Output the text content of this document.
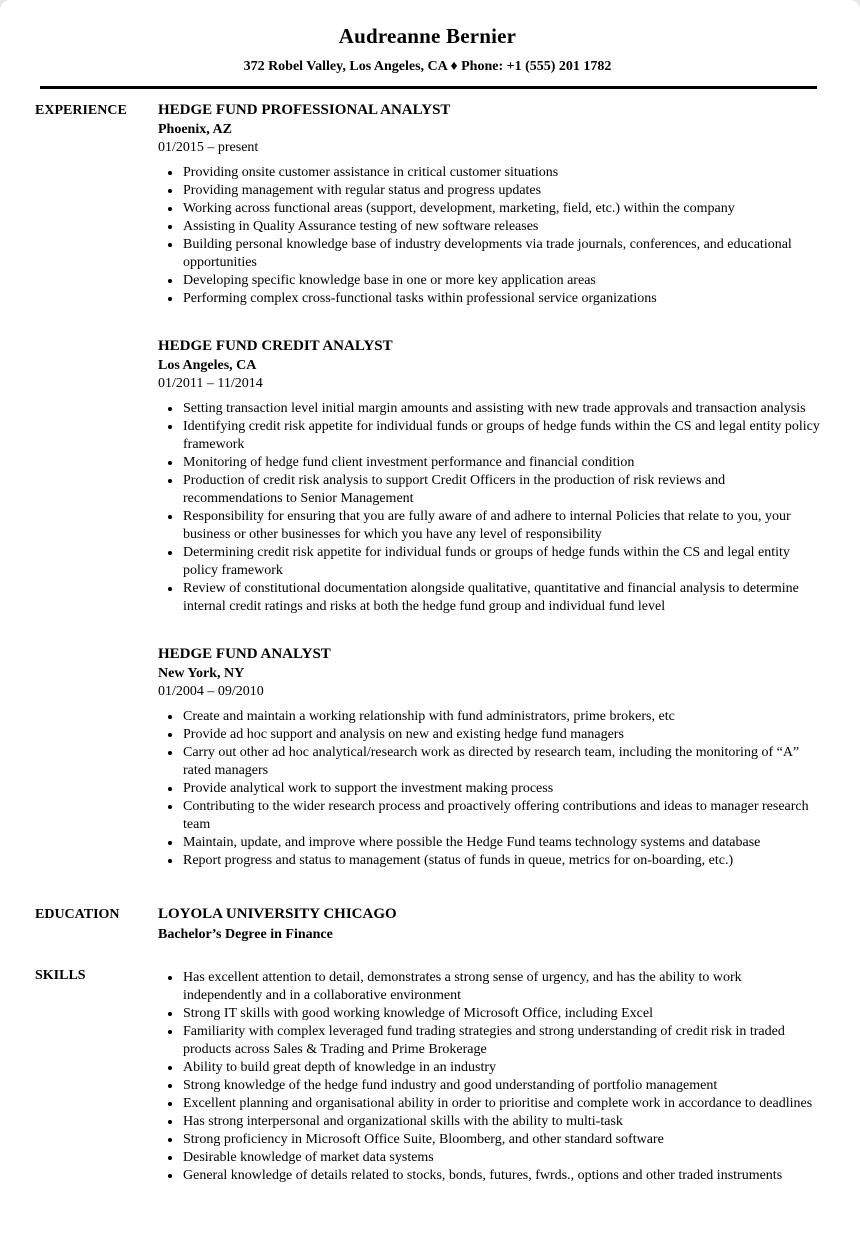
Audreanne Bernier
372 Robel Valley, Los Angeles, CA ♦ Phone: +1 (555) 201 1782
EXPERIENCE	HEDGE FUND PROFESSIONAL ANALYST
Phoenix, AZ
01/2015 – present
• Providing onsite customer assistance in critical customer situations
• Providing management with regular status and progress updates
• Working across functional areas (support, development, marketing, field, etc.) within the company
• Assisting in Quality Assurance testing of new software releases
• Building personal knowledge base of industry developments via trade journals, conferences, and educational opportunities
• Developing specific knowledge base in one or more key application areas
• Performing complex cross-functional tasks within professional service organizations
HEDGE FUND CREDIT ANALYST
Los Angeles, CA
01/2011 – 11/2014
• Setting transaction level initial margin amounts and assisting with new trade approvals and transaction analysis
• Identifying credit risk appetite for individual funds or groups of hedge funds within the CS and legal entity policy framework
• Monitoring of hedge fund client investment performance and financial condition
• Production of credit risk analysis to support Credit Officers in the production of risk reviews and recommendations to Senior Management
• Responsibility for ensuring that you are fully aware of and adhere to internal Policies that relate to you, your business or other businesses for which you have any level of responsibility
• Determining credit risk appetite for individual funds or groups of hedge funds within the CS and legal entity policy framework
• Review of constitutional documentation alongside qualitative, quantitative and financial analysis to determine internal credit ratings and risks at both the hedge fund group and individual fund level
HEDGE FUND ANALYST
New York, NY
01/2004 – 09/2010
• Create and maintain a working relationship with fund administrators, prime brokers, etc
• Provide ad hoc support and analysis on new and existing hedge fund managers
• Carry out other ad hoc analytical/research work as directed by research team, including the monitoring of “A” rated managers
• Provide analytical work to support the investment making process
• Contributing to the wider research process and proactively offering contributions and ideas to manager research team
• Maintain, update, and improve where possible the Hedge Fund teams technology systems and database
• Report progress and status to management (status of funds in queue, metrics for on-boarding, etc.)
EDUCATION	LOYOLA UNIVERSITY CHICAGO
Bachelor’s Degree in Finance
SKILLS	• Has excellent attention to detail, demonstrates a strong sense of urgency, and has the ability to work independently and in a collaborative environment
• Strong IT skills with good working knowledge of Microsoft Office, including Excel
• Familiarity with complex leveraged fund trading strategies and strong understanding of credit risk in traded products across Sales & Trading and Prime Brokerage
• Ability to build great depth of knowledge in an industry
• Strong knowledge of the hedge fund industry and good understanding of portfolio management
• Excellent planning and organisational ability in order to prioritise and complete work in accordance to deadlines
• Has strong interpersonal and organizational skills with the ability to multi-task
• Strong proficiency in Microsoft Office Suite, Bloomberg, and other standard software
• Desirable knowledge of market data systems
• General knowledge of details related to stocks, bonds, futures, fwrds., options and other traded instruments
